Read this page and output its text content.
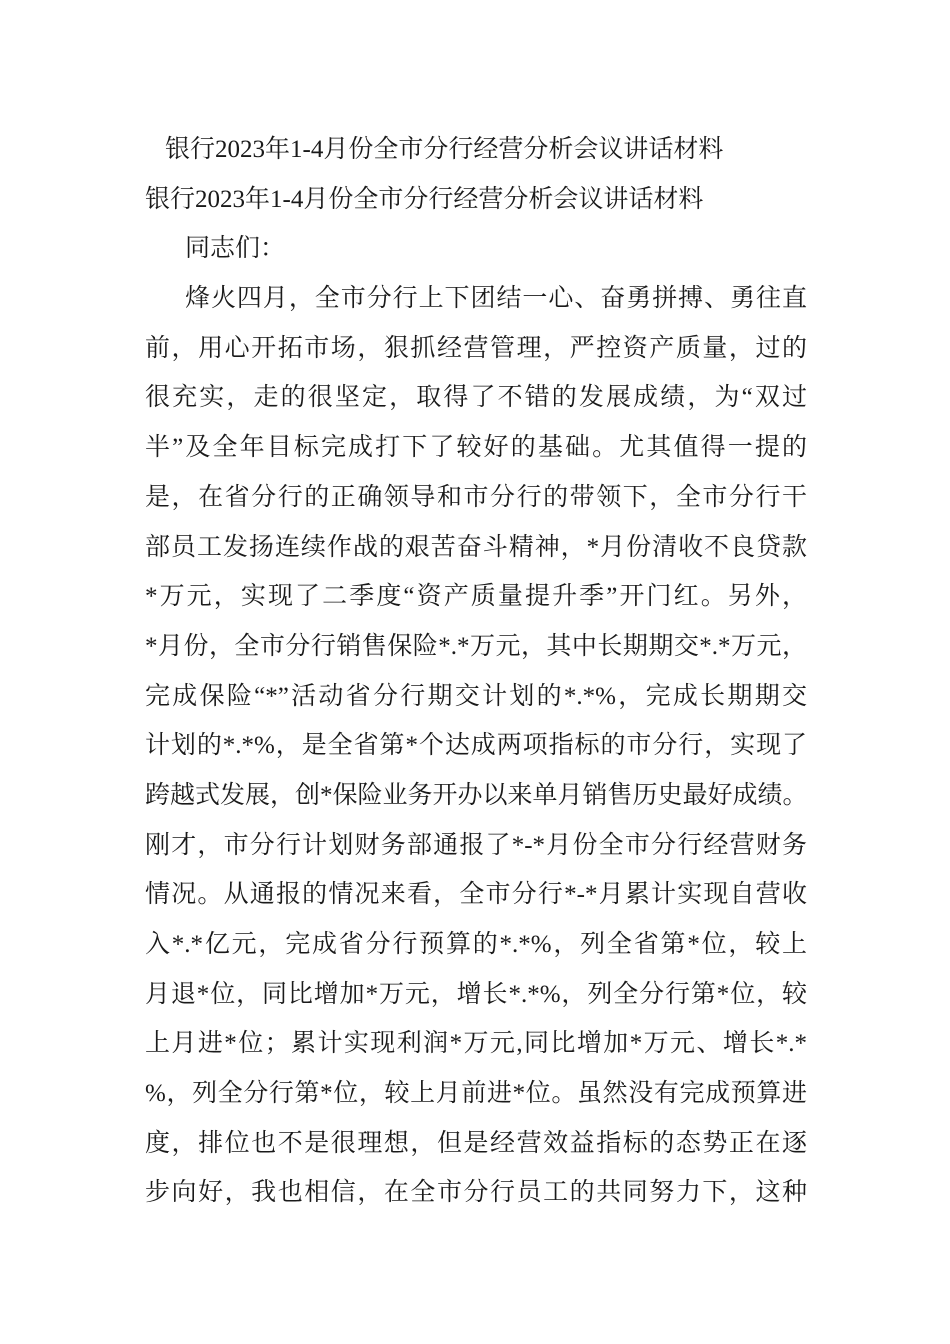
银行2023年1-4月份全市分行经营分析会议讲话材料
银行2023年1-4月份全市分行经营分析会议讲话材料
同志们：
烽火四月，全市分行上下团结一心、奋勇拼搏、勇往直
前，用心开拓市场，狠抓经营管理，严控资产质量，过的
很充实，走的很坚定，取得了不错的发展成绩，为“双过
半”及全年目标完成打下了较好的基础。尤其值得一提的
是，在省分行的正确领导和市分行的带领下，全市分行干
部员工发扬连续作战的艰苦奋斗精神，*月份清收不良贷款
*万元，实现了二季度“资产质量提升季”开门红。另外，
*月份，全市分行销售保险*.*万元，其中长期期交*.*万元，
完成保险“*”活动省分行期交计划的*.*%，完成长期期交
计划的*.*%，是全省第*个达成两项指标的市分行，实现了
跨越式发展，创*保险业务开办以来单月销售历史最好成绩。
刚才，市分行计划财务部通报了*-*月份全市分行经营财务
情况。从通报的情况来看，全市分行*-*月累计实现自营收
入*.*亿元，完成省分行预算的*.*%，列全省第*位，较上
月退*位，同比增加*万元，增长*.*%，列全分行第*位，较
上月进*位；累计实现利润*万元,同比增加*万元、增长*.*
%，列全分行第*位，较上月前进*位。虽然没有完成预算进
度，排位也不是很理想，但是经营效益指标的态势正在逐
步向好，我也相信，在全市分行员工的共同努力下，这种
